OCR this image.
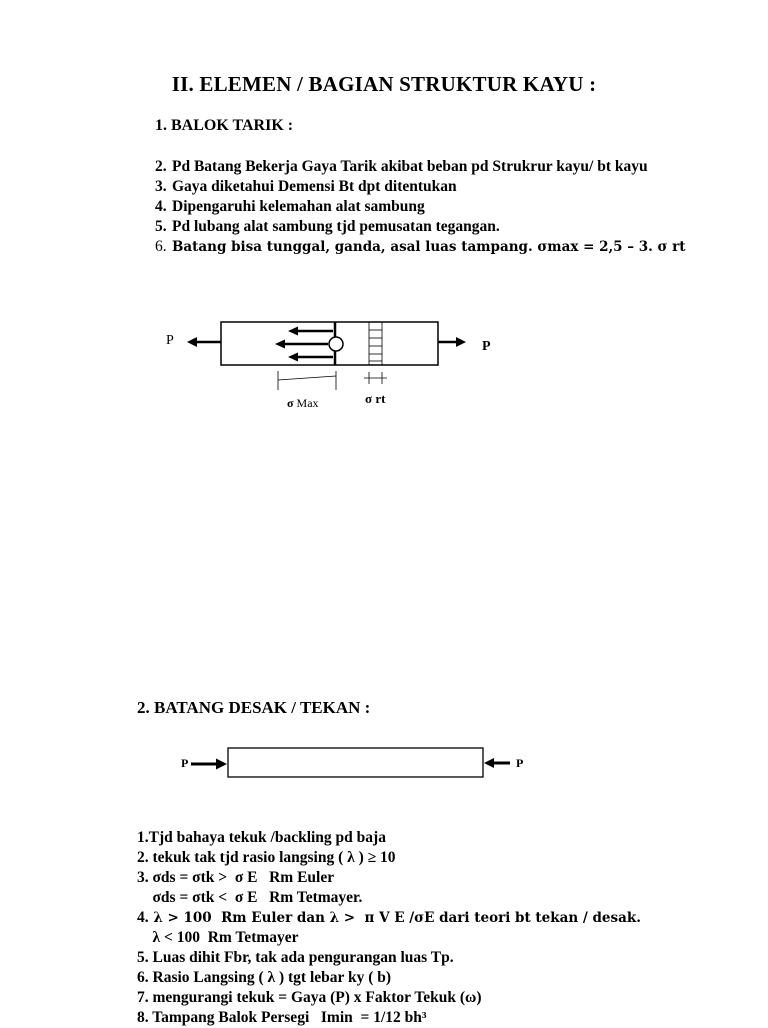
II. ELEMEN / BAGIAN STRUKTUR KAYU :
1. BALOK TARIK :
2. Pd Batang Bekerja Gaya Tarik akibat beban pd Strukrur kayu/ bt kayu
3. Gaya diketahui Demensi Bt dpt ditentukan
4. Dipengaruhi kelemahan alat sambung
5. Pd lubang alat sambung tjd pemusatan tegangan.
6. Batang bisa tunggal, ganda, asal luas tampang. σmax = 2,5 – 3. σ rt
P	P
σ Max	σ rt
2. BATANG DESAK / TEKAN :
P	P
1. Tjd bahaya tekuk /backling pd baja
2. tekuk tak tjd rasio langsing ( λ ) ≥ 10
3. σds = σtk >  σ E   Rm Euler
σds = σtk <  σ E   Rm Tetmayer.
4. λ > 100  Rm Euler dan λ >  π V E /σE dari teori bt tekan / desak.
λ < 100  Rm Tetmayer
5. Luas dihit Fbr, tak ada pengurangan luas Tp.
6. Rasio Langsing ( λ ) tgt lebar ky ( b)
7. mengurangi tekuk = Gaya (P) x Faktor Tekuk (ω)
8. Tampang Balok Persegi   Imin  = 1/12 bh³
